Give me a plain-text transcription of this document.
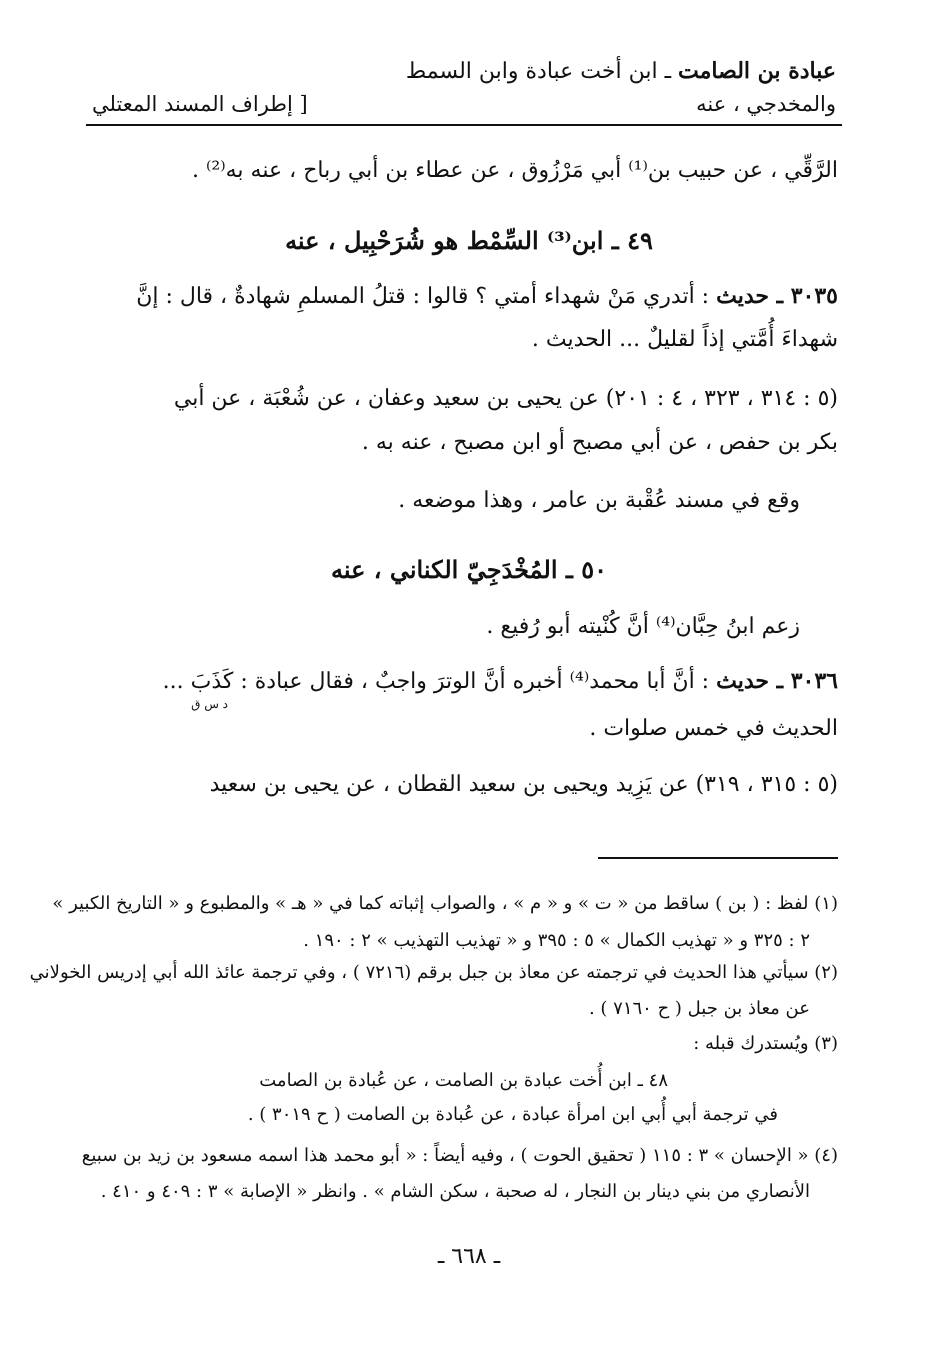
عبادة بن الصامت ـ ابن أخت عبادة وابن السمط
والمخدجي ، عنه
[ إطراف المسند المعتلي
الرَّقِّي ، عن حبيب بن⁽¹⁾ أبي مَرْزُوق ، عن عطاء بن أبي رباح ، عنه به⁽²⁾ .
٤٩ ـ ابن⁽³⁾ السِّمْط هو شُرَحْبِيل ، عنه
٣٠٣٥ ـ حديث : أتدري مَنْ شهداء أمتي ؟ قالوا : قتلُ المسلمِ شهادةٌ ، قال : إنَّ
شهداءَ أُمَّتي إذاً لقليلٌ ... الحديث .
(٥ : ٣١٤ ، ٣٢٣ ، ٤ : ٢٠١) عن يحيى بن سعيد وعفان ، عن شُعْبَة ، عن أبي
بكر بن حفص ، عن أبي مصبح أو ابن مصبح ، عنه به .
وقع في مسند عُقْبة بن عامر ، وهذا موضعه .
٥٠ ـ المُخْدَجِيّ الكناني ، عنه
زعم ابنُ حِبَّان⁽⁴⁾ أنَّ كُنْيته أبو رُفيع .
٣٠٣٦ ـ حديث : أنَّ أبا محمد⁽⁴⁾ أخبره أنَّ الوترَ واجبٌ ، فقال عبادة : كَذَبَ ...
د س ق
الحديث في خمس صلوات .
(٥ : ٣١٥ ، ٣١٩) عن يَزِيد ويحيى بن سعيد القطان ، عن يحيى بن سعيد
(١) لفظ : ( بن ) ساقط من « ت » و « م » ، والصواب إثباته كما في « هـ » والمطبوع و « التاريخ الكبير »
٢ : ٣٢٥ و « تهذيب الكمال » ٥ : ٣٩٥ و « تهذيب التهذيب » ٢ : ١٩٠ .
(٢) سيأتي هذا الحديث في ترجمته عن معاذ بن جبل برقم (٧٢١٦ ) ، وفي ترجمة عائذ الله أبي إدريس الخولاني
عن معاذ بن جبل ( ح ٧١٦٠ ) .
(٣) ويُستدرك قبله :
٤٨ ـ ابن أُخت عبادة بن الصامت ، عن عُبادة بن الصامت
في ترجمة أبي أُبي ابن امرأة عبادة ، عن عُبادة بن الصامت ( ح ٣٠١٩ ) .
(٤) « الإحسان » ٣ : ١١٥ ( تحقيق الحوت ) ، وفيه أيضاً : « أبو محمد هذا اسمه مسعود بن زيد بن سبيع
الأنصاري من بني دينار بن النجار ، له صحبة ، سكن الشام » . وانظر « الإصابة » ٣ : ٤٠٩ و ٤١٠ .
ـ ٦٦٨ ـ
